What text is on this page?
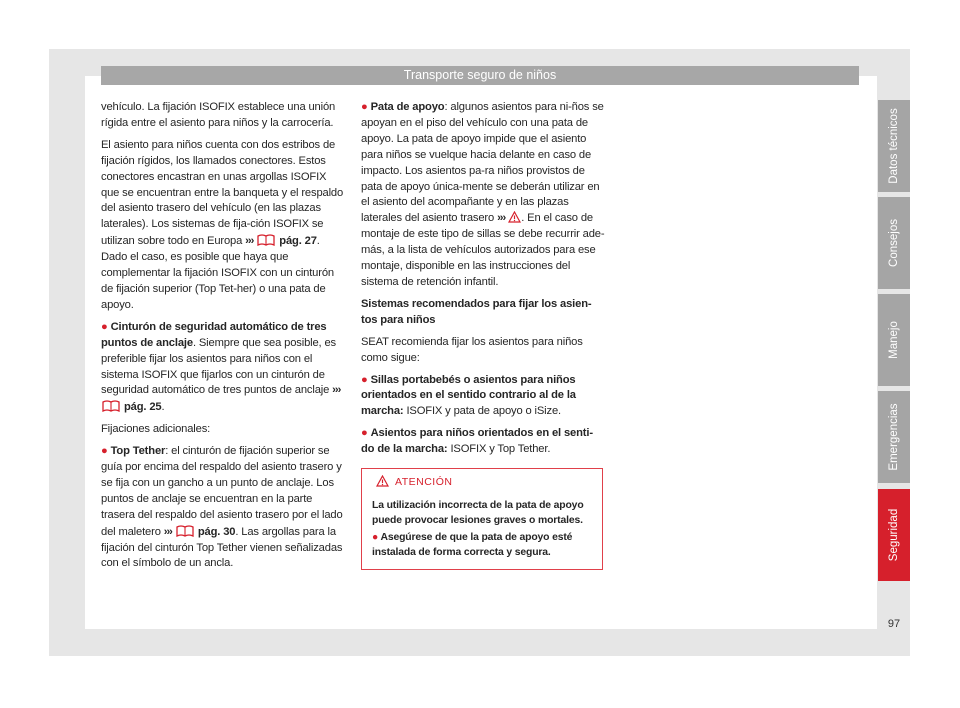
Transporte seguro de niños

vehículo. La fijación ISOFIX establece una unión rígida entre el asiento para niños y la carrocería.

El asiento para niños cuenta con dos estribos de fijación rígidos, los llamados conectores. Estos conectores encastran en unas argollas ISOFIX que se encuentran entre la banqueta y el respaldo del asiento trasero del vehículo (en las plazas laterales). Los sistemas de fija-ción ISOFIX se utilizan sobre todo en Europa ››› pág. 27. Dado el caso, es posible que haya que complementar la fijación ISOFIX con un cinturón de fijación superior (Top Tet-her) o una pata de apoyo.

● Cinturón de seguridad automático de tres puntos de anclaje. Siempre que sea posible, es preferible fijar los asientos para niños con el sistema ISOFIX que fijarlos con un cinturón de seguridad automático de tres puntos de anclaje ›››  pág. 25.

Fijaciones adicionales:

● Top Tether: el cinturón de fijación superior se guía por encima del respaldo del asiento trasero y se fija con un gancho a un punto de anclaje. Los puntos de anclaje se encuentran en la parte trasera del respaldo del asiento trasero por el lado del maletero ››› pág. 30. Las argollas para la fijación del cinturón Top Tether vienen señalizadas con el símbolo de un ancla.

● Pata de apoyo: algunos asientos para ni-ños se apoyan en el piso del vehículo con una pata de apoyo. La pata de apoyo impide que el asiento para niños se vuelque hacia delante en caso de impacto. Los asientos pa-ra niños provistos de pata de apoyo única-mente se deberán utilizar en el asiento del acompañante y en las plazas laterales del asiento trasero ››› . En el caso de montaje de este tipo de sillas se debe recurrir ade-más, a la lista de vehículos autorizados para ese montaje, disponible en las instrucciones del sistema de retención infantil.

Sistemas recomendados para fijar los asien-tos para niños

SEAT recomienda fijar los asientos para niños como sigue:

● Sillas portabebés o asientos para niños orientados en el sentido contrario al de la marcha: ISOFIX y pata de apoyo o iSize.

● Asientos para niños orientados en el senti-do de la marcha: ISOFIX y Top Tether.

ATENCIÓN

La utilización incorrecta de la pata de apoyo puede provocar lesiones graves o mortales.

● Asegúrese de que la pata de apoyo esté instalada de forma correcta y segura.

Datos técnicos
Consejos
Manejo
Emergencias
Seguridad
97
